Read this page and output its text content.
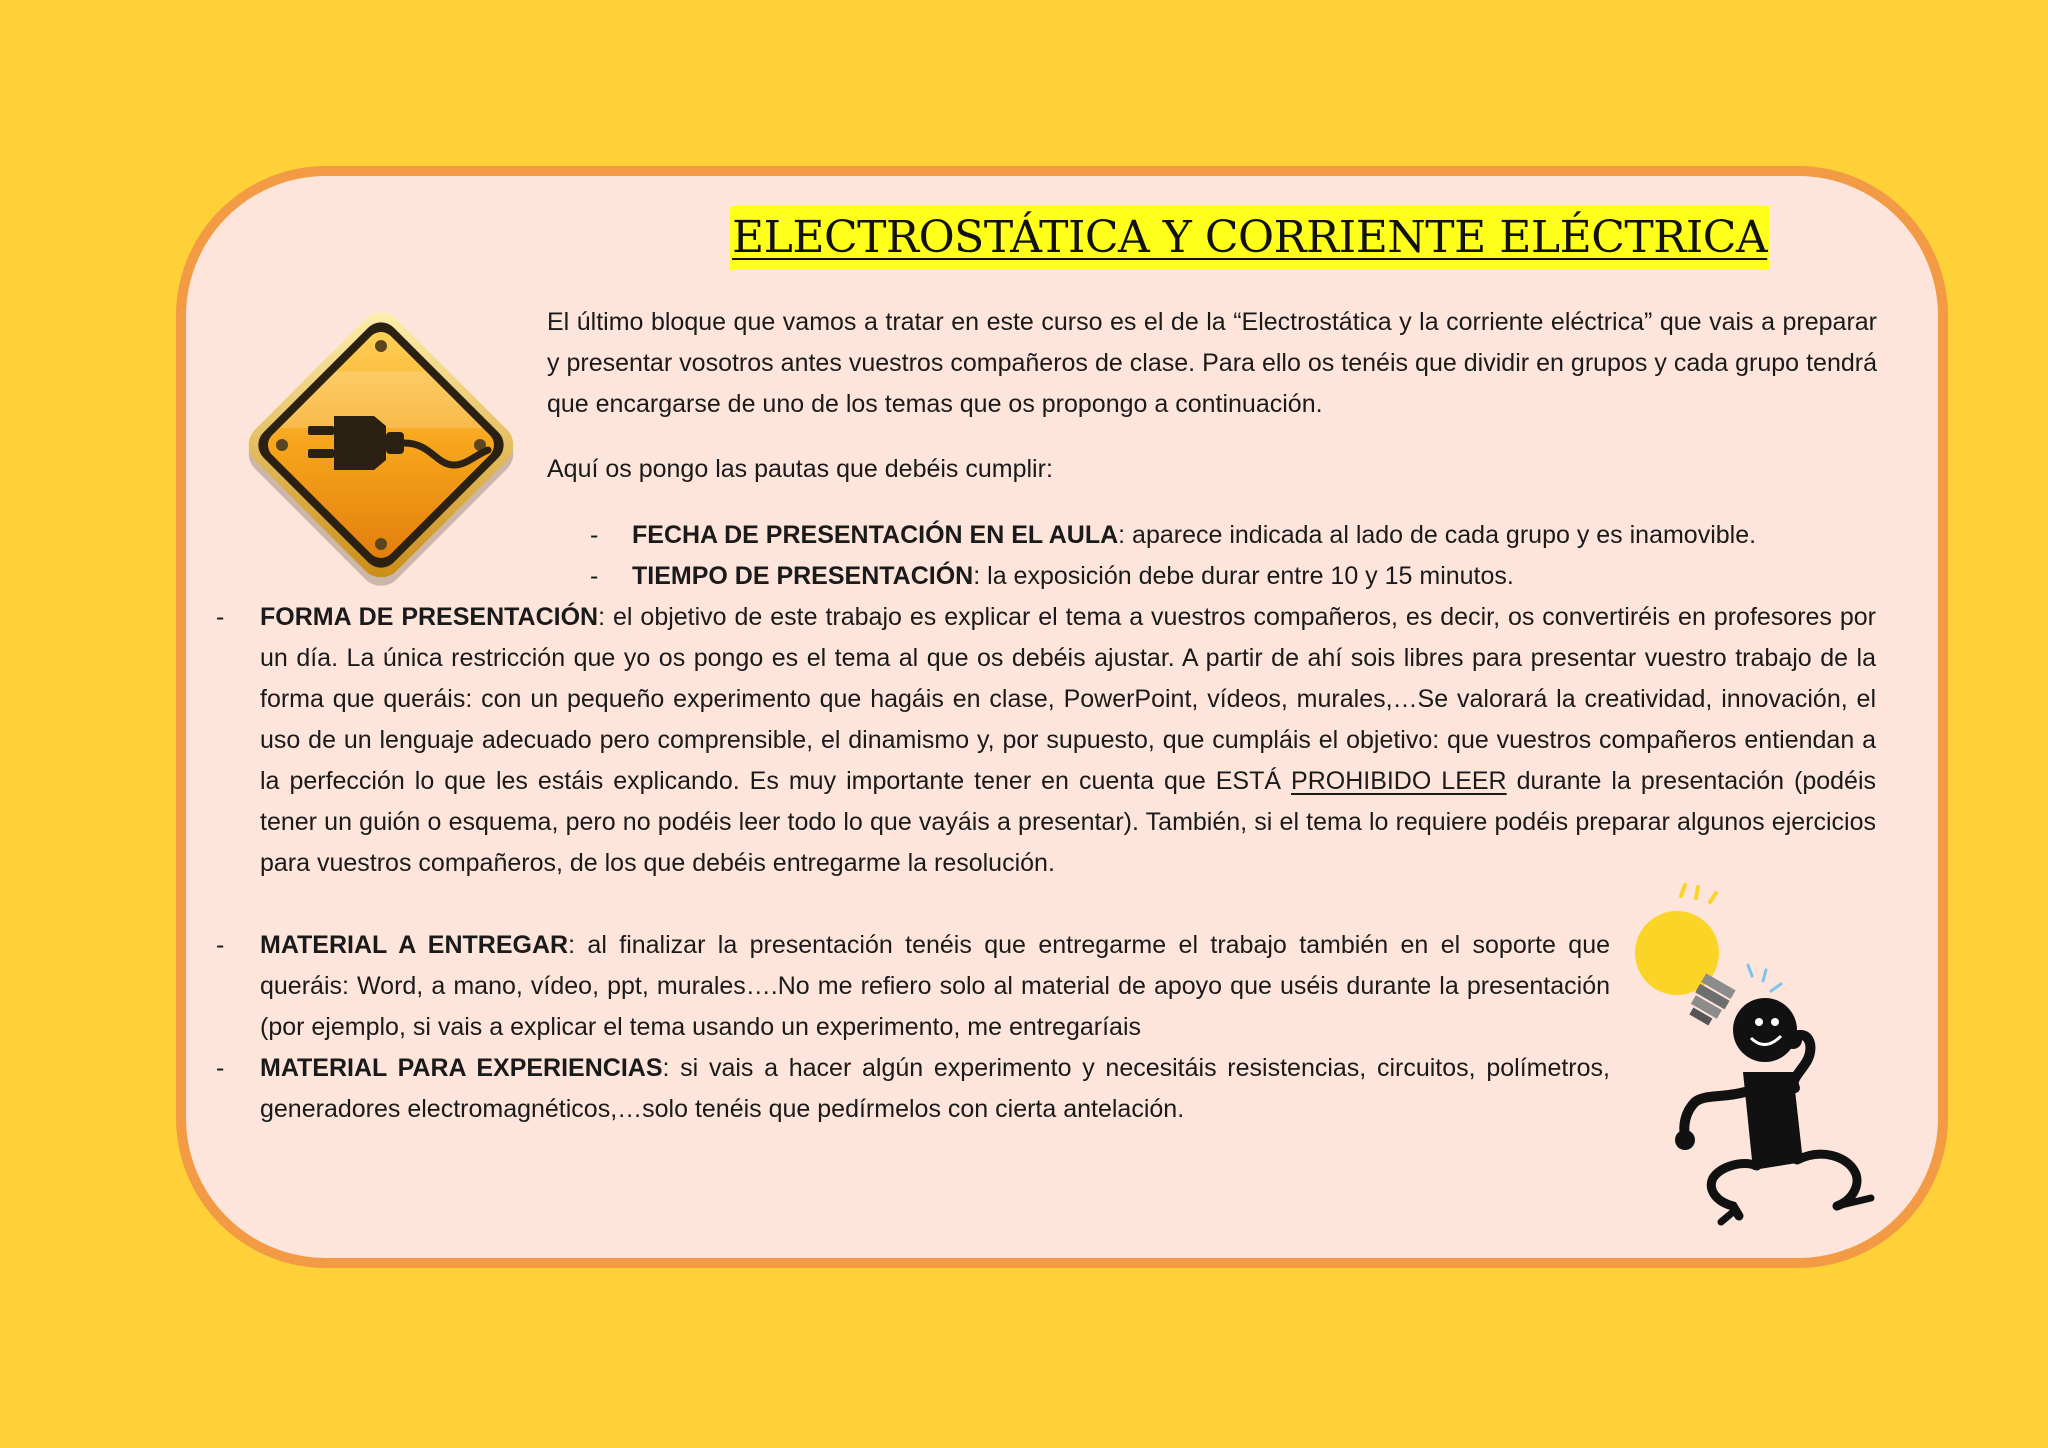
ELECTROSTÁTICA Y CORRIENTE ELÉCTRICA

El último bloque que vamos a tratar en este curso es el de la “Electrostática y la corriente eléctrica” que vais a preparar y presentar vosotros antes vuestros compañeros de clase. Para ello os tenéis que dividir en grupos y cada grupo tendrá que encargarse de uno de los temas que os propongo a continuación.

Aquí os pongo las pautas que debéis cumplir:

- FECHA DE PRESENTACIÓN EN EL AULA: aparece indicada al lado de cada grupo y es inamovible.
- TIEMPO DE PRESENTACIÓN: la exposición debe durar entre 10 y 15 minutos.
- FORMA DE PRESENTACIÓN: el objetivo de este trabajo es explicar el tema a vuestros compañeros, es decir, os convertiréis en profesores por un día. La única restricción que yo os pongo es el tema al que os debéis ajustar. A partir de ahí sois libres para presentar vuestro trabajo de la forma que queráis: con un pequeño experimento que hagáis en clase, PowerPoint, vídeos, murales,…Se valorará la creatividad, innovación, el uso de un lenguaje adecuado pero comprensible, el dinamismo y, por supuesto, que cumpláis el objetivo: que vuestros compañeros entiendan a la perfección lo que les estáis explicando. Es muy importante tener en cuenta que ESTÁ PROHIBIDO LEER durante la presentación (podéis tener un guión o esquema, pero no podéis leer todo lo que vayáis a presentar). También, si el tema lo requiere podéis preparar algunos ejercicios para vuestros compañeros, de los que debéis entregarme la resolución.
- MATERIAL A ENTREGAR: al finalizar la presentación tenéis que entregarme el trabajo también en el soporte que queráis: Word, a mano, vídeo, ppt, murales….No me refiero solo al material de apoyo que uséis durante la presentación (por ejemplo, si vais a explicar el tema usando un experimento, me entregaríais
- MATERIAL PARA EXPERIENCIAS: si vais a hacer algún experimento y necesitáis resistencias, circuitos, polímetros, generadores electromagnéticos,…solo tenéis que pedírmelos con cierta antelación.
